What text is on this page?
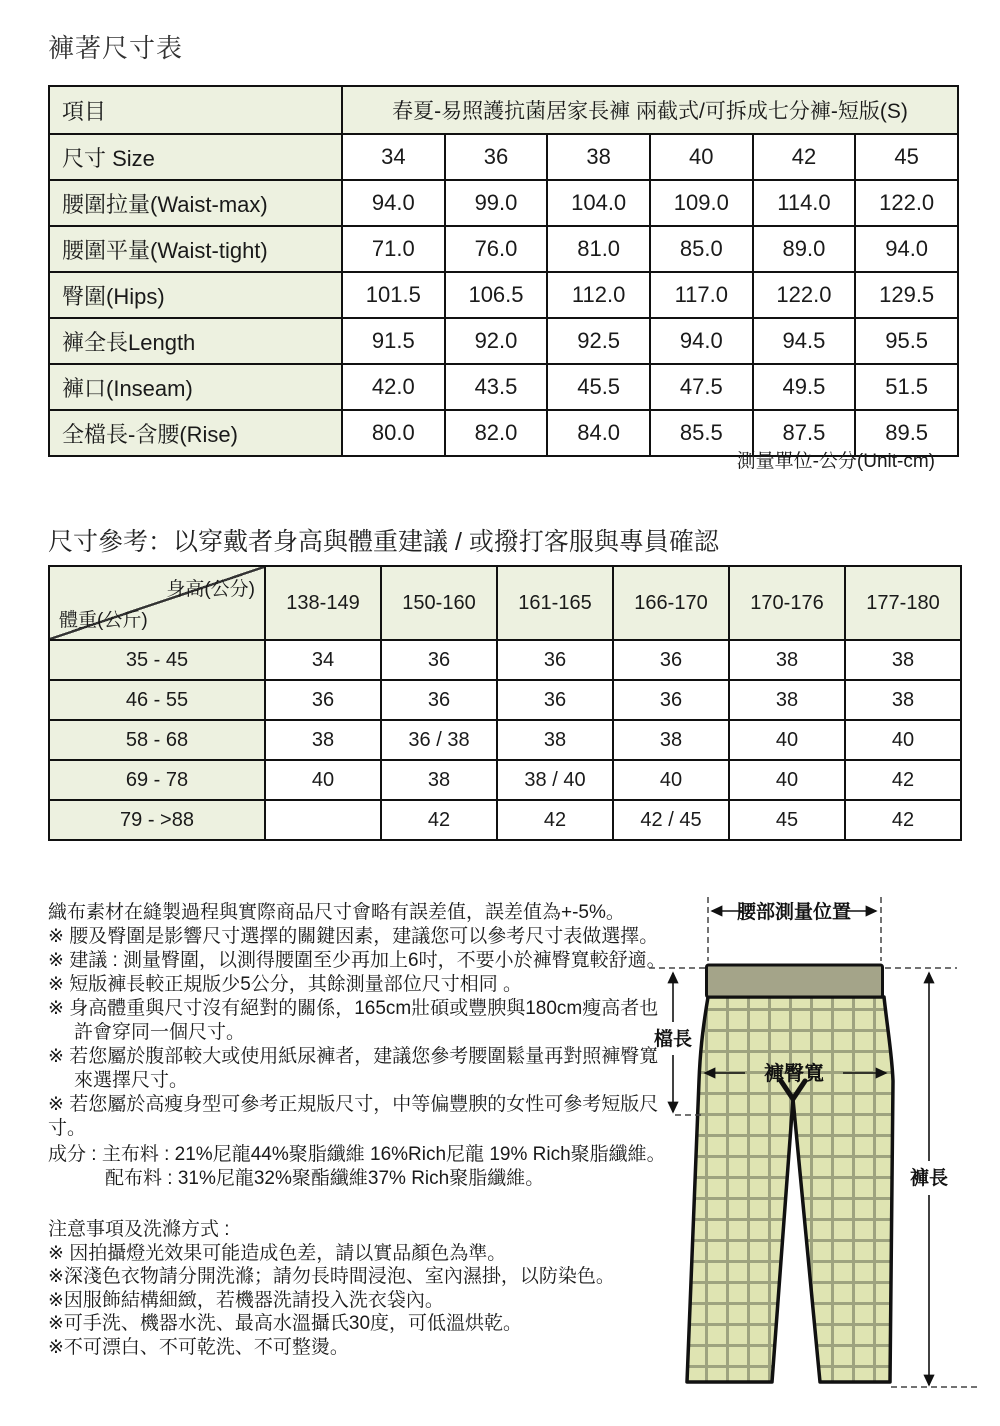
褲著尺寸表
項目	春夏-易照護抗菌居家長褲 兩截式/可拆成七分褲-短版(S)					
尺寸 Size	34	36	38	40	42	45
腰圍拉量(Waist-max)	94.0	99.0	104.0	109.0	114.0	122.0
腰圍平量(Waist-tight)	71.0	76.0	81.0	85.0	89.0	94.0
臀圍(Hips)	101.5	106.5	112.0	117.0	122.0	129.5
褲全長Length	91.5	92.0	92.5	94.0	94.5	95.5
褲口(Inseam)	42.0	43.5	45.5	47.5	49.5	51.5
全檔長-含腰(Rise)	80.0	82.0	84.0	85.5	87.5	89.5
測量單位-公分(Unit-cm)
尺寸參考：以穿戴者身高與體重建議 / 或撥打客服與專員確認
身高(公分)
體重(公斤)	138-149	150-160	161-165	166-170	170-176	177-180
35 - 45	34	36	36	36	38	38
46 - 55	36	36	36	36	38	38
58 - 68	38	36 / 38	38	38	40	40
69 - 78	40	38	38 / 40	40	40	42
79 - >88		42	42	42 / 45	45	42
織布素材在縫製過程與實際商品尺寸會略有誤差值，誤差值為+-5%。
※ 腰及臀圍是影響尺寸選擇的關鍵因素，建議您可以參考尺寸表做選擇。
※ 建議 : 測量臀圍，以測得腰圍至少再加上6吋，不要小於褲臀寬較舒適。
※ 短版褲長較正規版少5公分，其餘測量部位尺寸相同 。
※ 身高體重與尺寸沒有絕對的關係，165cm壯碩或豐腴與180cm瘦高者也
許會穿同一個尺寸。
※ 若您屬於腹部較大或使用紙尿褲者，建議您參考腰圍鬆量再對照褲臀寬
來選擇尺寸。
※ 若您屬於高瘦身型可參考正規版尺寸，中等偏豐腴的女性可參考短版尺寸。
成分 : 主布料 : 21%尼龍44%聚脂纖維 16%Rich尼龍 19% Rich聚脂纖維。
配布料 : 31%尼龍32%聚酯纖維37% Rich聚脂纖維。
注意事項及洗滌方式 :
※ 因拍攝燈光效果可能造成色差，請以實品顏色為準。
※深淺色衣物請分開洗滌；請勿長時間浸泡、室內濕掛，以防染色。
※因服飾結構細緻，若機器洗請投入洗衣袋內。
※可手洗、機器水洗、最高水溫攝氏30度，可低溫烘乾。
※不可漂白、不可乾洗、不可整燙。
腰部測量位置
檔長
褲臀寬
褲長
